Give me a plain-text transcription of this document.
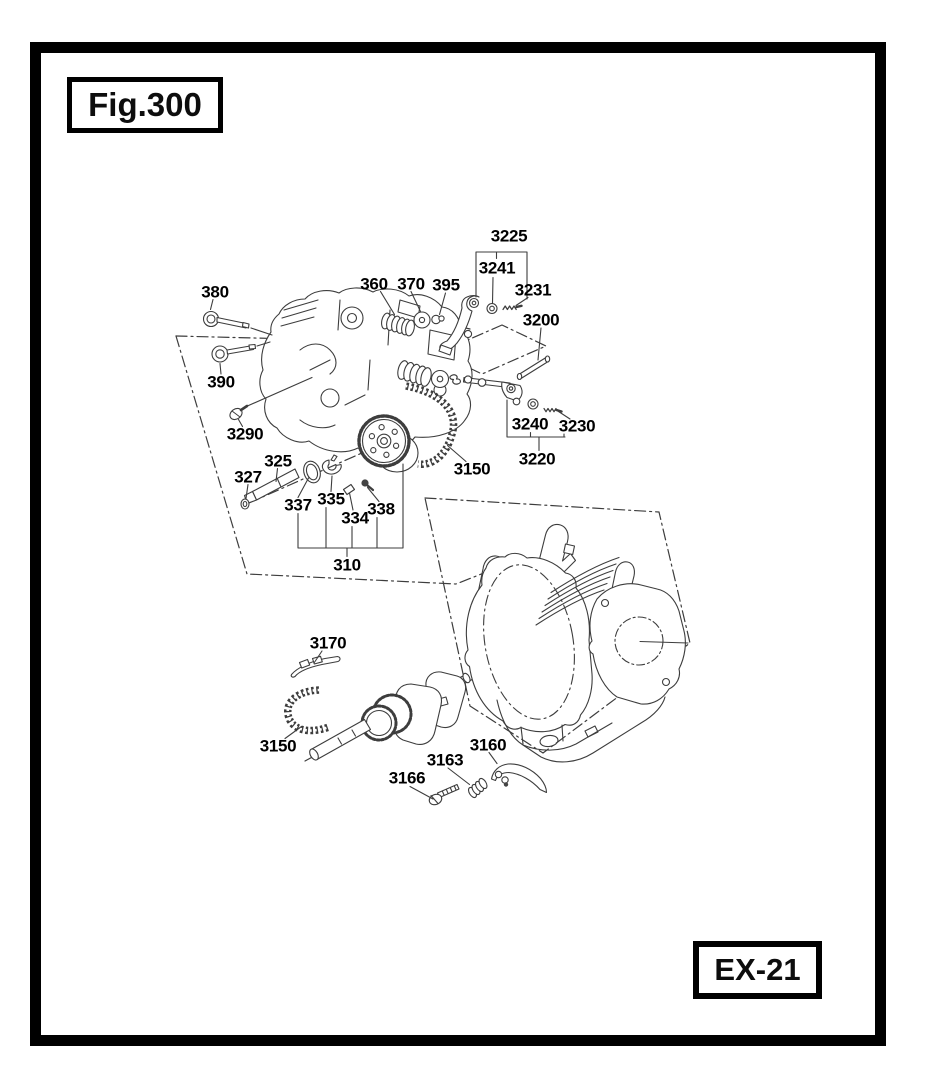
Fig.300
EX-21
380
390
3290
360 370 395
3225
3241
3231
3200
3240 3230
3220
3150
325
327
337 335
334
338
310
3170
3150
3166
3163
3160
